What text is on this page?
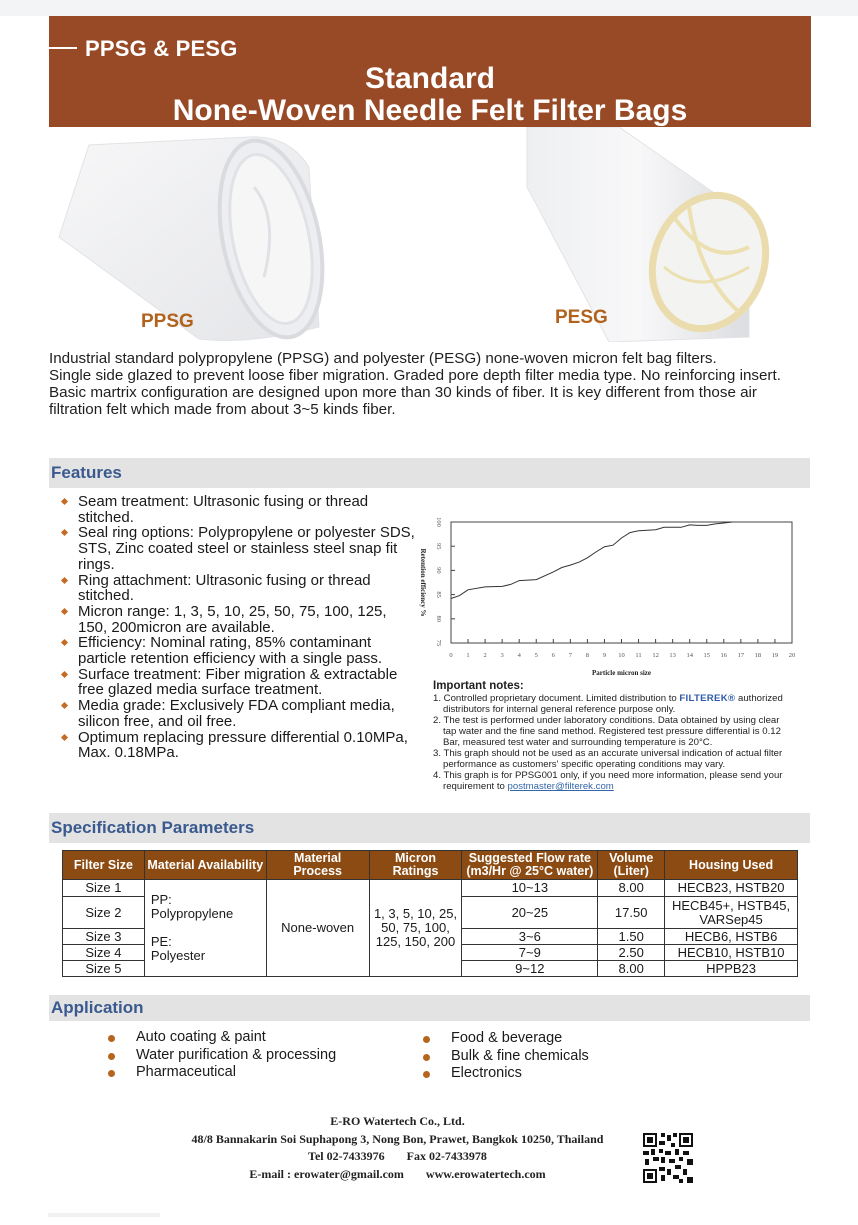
PPSG & PESG
Standard
None-Woven Needle Felt Filter Bags
PPSG	PESG

Industrial standard polypropylene (PPSG) and polyester (PESG) none-woven micron felt bag filters.

Single side glazed to prevent loose fiber migration. Graded pore depth filter media type. No reinforcing insert.

Basic martrix configuration are designed upon more than 30 kinds of fiber. It is key different from those air filtration felt which made from about 3~5 kinds fiber.

Features
Seam treatment: Ultrasonic fusing or thread stitched.
Seal ring options: Polypropylene or polyester SDS, STS, Zinc coated steel or stainless steel snap fit rings.
Ring attachment: Ultrasonic fusing or thread stitched.
Micron range: 1, 3, 5, 10, 25, 50, 75, 100, 125, 150, 200micron are available.
Efficiency: Nominal rating, 85% contaminant particle retention efficiency with a single pass.
Surface treatment: Fiber migration & extractable free glazed media surface treatment.
Media grade: Exclusively FDA compliant media, silicon free, and oil free.
Optimum replacing pressure differential 0.10MPa, Max. 0.18MPa.
0 1 2 3 4 5 6 7 8 9 10 11 12 13 14 15 16 17 18 19 20
75
80
85
90
95
100
Particle micron size
Retention efficiency %
Important notes:
1. Controlled proprietary document. Limited distribution to FILTEREK® authorized distributors for internal general reference purpose only.
2. The test is performed under laboratory conditions. Data obtained by using clear tap water and the fine sand method. Registered test pressure differential is 0.12 Bar, measured test water and surrounding temperature is 20°C.
3. This graph should not be used as an accurate universal indication of actual filter performance as customers' specific operating conditions may vary.
4. This graph is for PPSG001 only, if you need more information, please send your requirement to postmaster@filterek.com
Specification Parameters
Filter Size	Material Availability	Material Process	Micron Ratings	Suggested Flow rate (m3/Hr @ 25°C water)	Volume (Liter)	Housing Used
Size 1	PP:
Polypropylene
PE:
Polyester	None-woven	1, 3, 5, 10, 25, 50, 75, 100, 125, 150, 200	10~13	8.00	HECB23, HSTB20
Size 2				20~25	17.50	HECB45+, HSTB45, VARSep45
Size 3				3~6	1.50	HECB6, HSTB6
Size 4				7~9	2.50	HECB10, HSTB10
Size 5				9~12	8.00	HPPB23
Application
Auto coating & paint
Water purification & processing
Pharmaceutical
Food & beverage
Bulk & fine chemicals
Electronics
E-RO Watertech Co., Ltd.
48/8 Bannakarin Soi Suphapong 3, Nong Bon, Prawet, Bangkok 10250, Thailand
Tel 02-7433976 Fax 02-7433978
E-mail : erowater@gmail.com www.erowatertech.com
